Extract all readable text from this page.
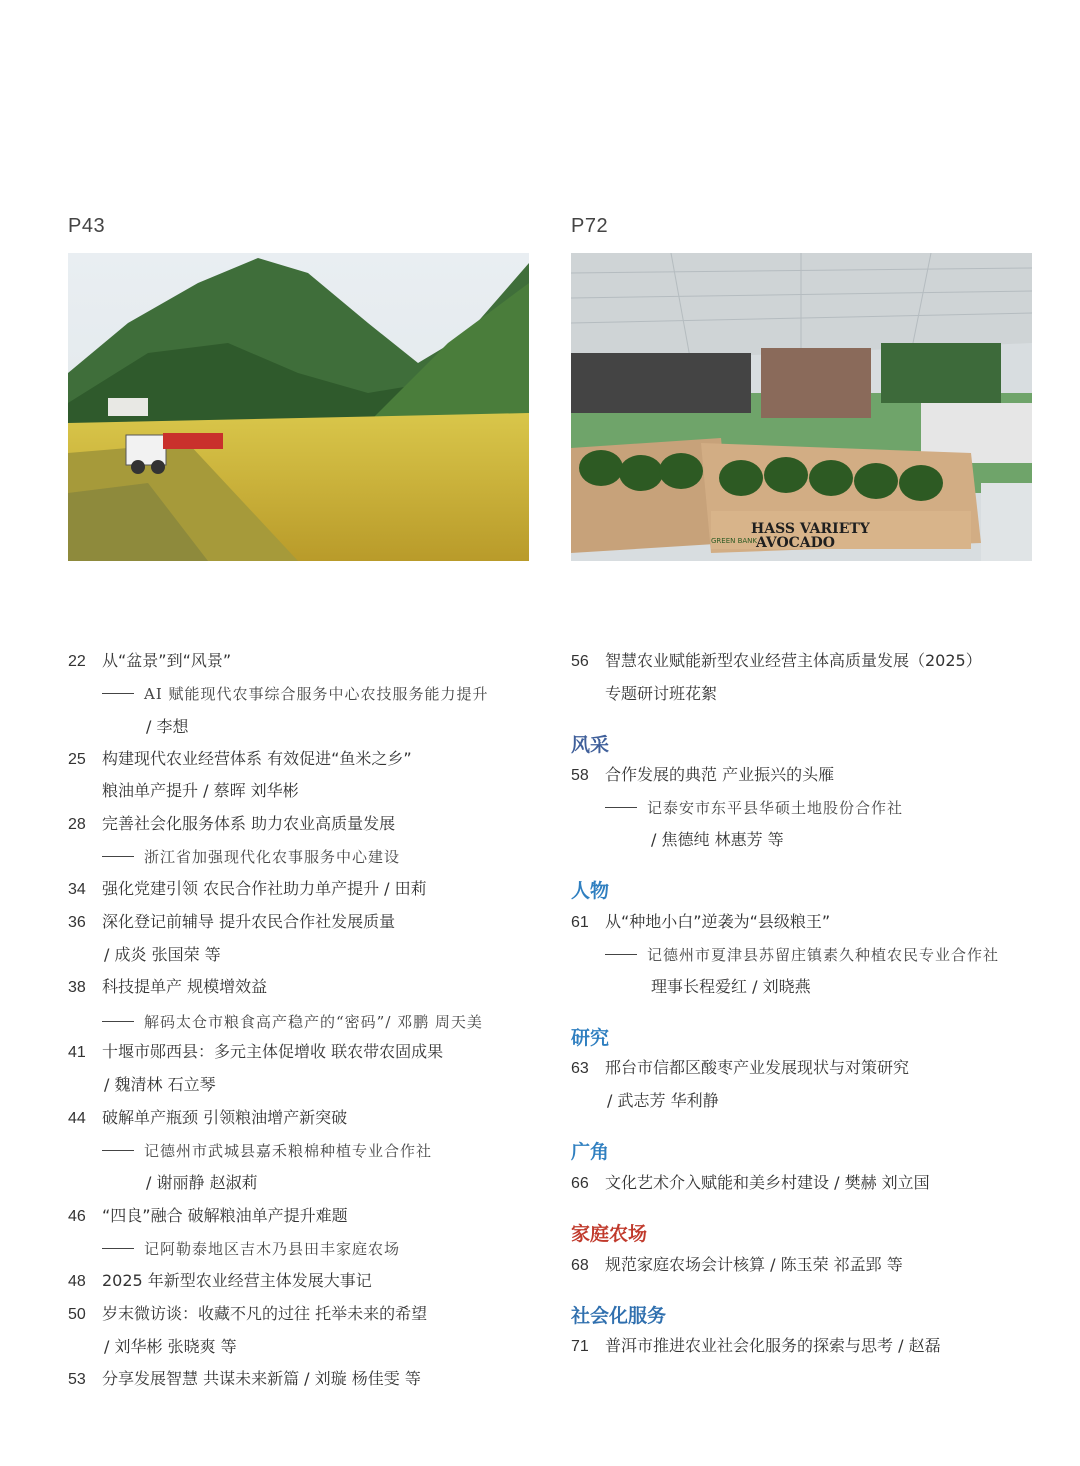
P43	P72
HASS VARIETY
AVOCADO
GREEN BANK
22 从“盆景”到“风景”
AI 赋能现代农事综合服务中心农技服务能力提升
/ 李想
25 构建现代农业经营体系 有效促进“鱼米之乡”
粮油单产提升 / 蔡晖 刘华彬
28 完善社会化服务体系 助力农业高质量发展
浙江省加强现代化农事服务中心建设
34 强化党建引领 农民合作社助力单产提升 / 田莉
36 深化登记前辅导 提升农民合作社发展质量
/ 成炎 张国荣 等
38 科技提单产 规模增效益
解码太仓市粮食高产稳产的“密码”/ 邓鹏 周天美
41 十堰市郧西县：多元主体促增收 联农带农固成果
/ 魏清林 石立琴
44 破解单产瓶颈 引领粮油增产新突破
记德州市武城县嘉禾粮棉种植专业合作社
/ 谢丽静 赵淑莉
46 “四良”融合 破解粮油单产提升难题
记阿勒泰地区吉木乃县田丰家庭农场
48 2025 年新型农业经营主体发展大事记
50 岁末微访谈：收藏不凡的过往 托举未来的希望
/ 刘华彬 张晓爽 等
53 分享发展智慧 共谋未来新篇 / 刘璇 杨佳雯 等
56 智慧农业赋能新型农业经营主体高质量发展（2025）
专题研讨班花絮
风采
58 合作发展的典范 产业振兴的头雁
记泰安市东平县华硕土地股份合作社
/ 焦德纯 林惠芳 等
人物
61 从“种地小白”逆袭为“县级粮王”
记德州市夏津县苏留庄镇素久种植农民专业合作社
理事长程爱红 / 刘晓燕
研究
63 邢台市信都区酸枣产业发展现状与对策研究
/ 武志芳 华利静
广角
66 文化艺术介入赋能和美乡村建设 / 樊赫 刘立国
家庭农场
68 规范家庭农场会计核算 / 陈玉荣 祁孟郢 等
社会化服务
71 普洱市推进农业社会化服务的探索与思考 / 赵磊
